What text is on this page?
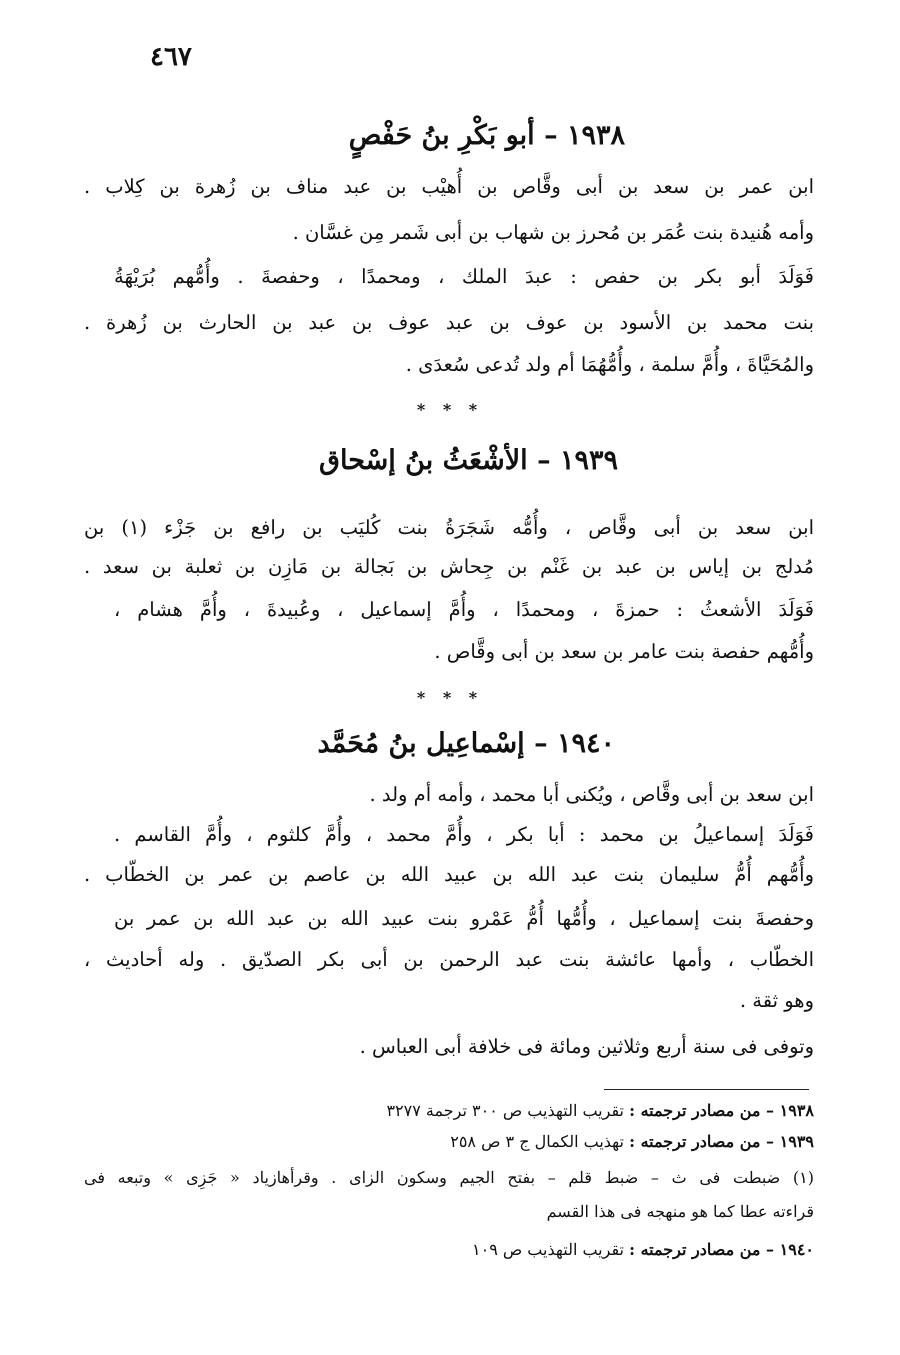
٤٦٧
١٩٣٨ – أبو بَكْرِ بنُ حَفْصٍ
ابن عمر بن سعد بن أبى وقَّاص بن أُهيْب بن عبد مناف بن زُهرة بن كِلاب .
وأمه هُنيدة بنت عُمَر بن مُحرز بن شهاب بن أبى شَمر مِن غسَّان .
فَوَلَدَ أبو بكر بن حفص : عبدَ الملك ، ومحمدًا ، وحفصةَ . وأُمُّهم بُرَيْهَةُ
بنت محمد بن الأسود بن عوف بن عبد عوف بن عبد بن الحارث بن زُهرة .
والمُحَيَّاةَ ، وأُمَّ سلمة ، وأُمُّهُمَا أم ولد تُدعى سُعدَى .
* * *
١٩٣٩ – الأشْعَثُ بنُ إسْحاق
ابن سعد بن أبى وقَّاص ، وأُمُّه شَجَرَةُ بنت كُليَب بن رافع بن جَزْء (١) بن
مُدلج بن إياس بن عبد بن غَنْم بن جِحاش بن بَجالة بن مَازِن بن ثعلبة بن سعد .
فَوَلَدَ الأشعثُ : حمزةَ ، ومحمدًا ، وأُمَّ إسماعيل ، وعُبيدةَ ، وأُمَّ هشام ،
وأُمُّهم حفصة بنت عامر بن سعد بن أبى وقَّاص .
* * *
١٩٤٠ – إسْماعِيل بنُ مُحَمَّد
ابن سعد بن أبى وقَّاص ، ويُكنى أبا محمد ، وأمه أم ولد .
فَوَلَدَ إسماعيلُ بن محمد : أبا بكر ، وأُمَّ محمد ، وأُمَّ كلثوم ، وأُمَّ القاسم .
وأُمُّهم أُمُّ سليمان بنت عبد الله بن عبيد الله بن عاصم بن عمر بن الخطّاب .
وحفصةَ بنت إسماعيل ، وأُمُّها أُمُّ عَمْرو بنت عبيد الله بن عبد الله بن عمر بن
الخطّاب ، وأمها عائشة بنت عبد الرحمن بن أبى بكر الصدّيق . وله أحاديث ،
وهو ثقة .
وتوفى فى سنة أربع وثلاثين ومائة فى خلافة أبى العباس .
١٩٣٨ – من مصادر ترجمته : تقريب التهذيب ص ٣٠٠ ترجمة ٣٢٧٧
١٩٣٩ – من مصادر ترجمته : تهذيب الكمال ج ٣ ص ٢٥٨
(١) ضبطت فى ث – ضبط قلم – بفتح الجيم وسكون الزاى . وقرأهازياد « جَزِى » وتبعه فى
قراءته عطا كما هو منهجه فى هذا القسم
١٩٤٠ – من مصادر ترجمته : تقريب التهذيب ص ١٠٩
